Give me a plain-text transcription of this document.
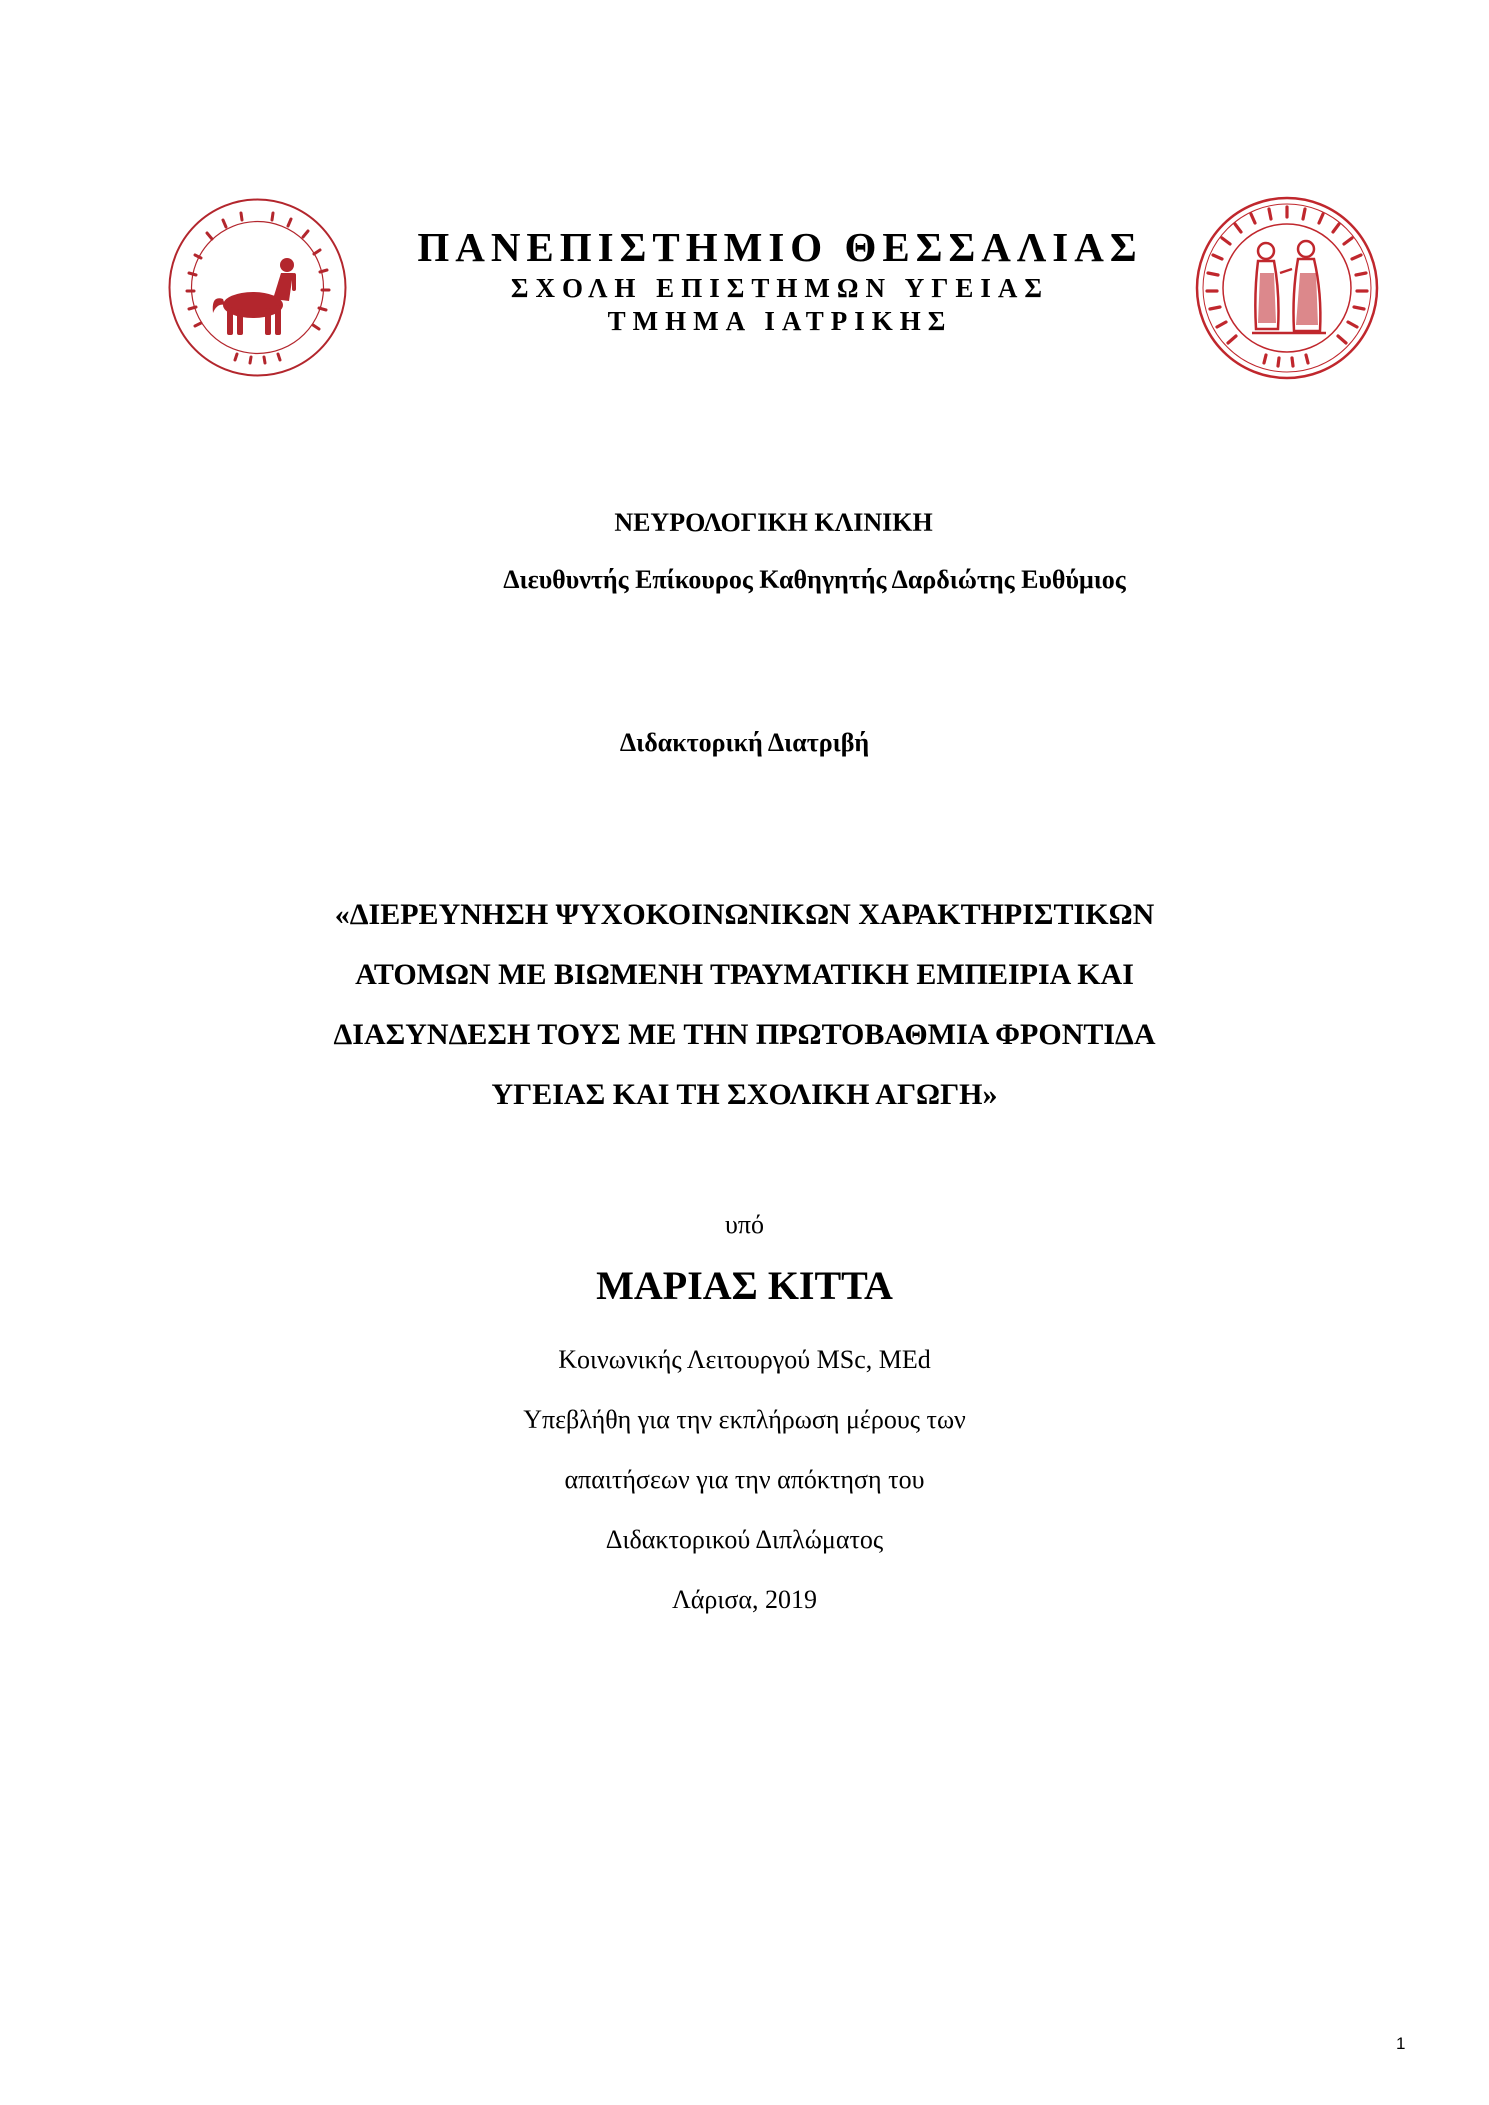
ΠΑΝΕΠΙΣΤΗΜΙΟ ΘΕΣΣΑΛΙΑΣ
ΣΧΟΛΗ ΕΠΙΣΤΗΜΩΝ ΥΓΕΙΑΣ
ΤΜΗΜΑ ΙΑΤΡΙΚΗΣ
ΝΕΥΡΟΛΟΓΙΚΗ ΚΛΙΝΙΚΗ
Διευθυντής Επίκουρος Καθηγητής Δαρδιώτης Ευθύμιος
Διδακτορική Διατριβή
«ΔΙΕΡΕΥΝΗΣΗ ΨΥΧΟΚΟΙΝΩΝΙΚΩΝ ΧΑΡΑΚΤΗΡΙΣΤΙΚΩΝ
ΑΤΟΜΩΝ ΜΕ ΒΙΩΜΕΝΗ ΤΡΑΥΜΑΤΙΚΗ ΕΜΠΕΙΡΙΑ ΚΑΙ
ΔΙΑΣΥΝΔΕΣΗ ΤΟΥΣ ΜΕ ΤΗΝ ΠΡΩΤΟΒΑΘΜΙΑ ΦΡΟΝΤΙΔΑ
ΥΓΕΙΑΣ ΚΑΙ ΤΗ ΣΧΟΛΙΚΗ ΑΓΩΓΗ»
υπό
ΜΑΡΙΑΣ ΚΙΤΤΑ
Κοινωνικής Λειτουργού MSc, MEd
Υπεβλήθη για την εκπλήρωση μέρους των
απαιτήσεων για την απόκτηση του
Διδακτορικού Διπλώματος
Λάρισα, 2019
1
